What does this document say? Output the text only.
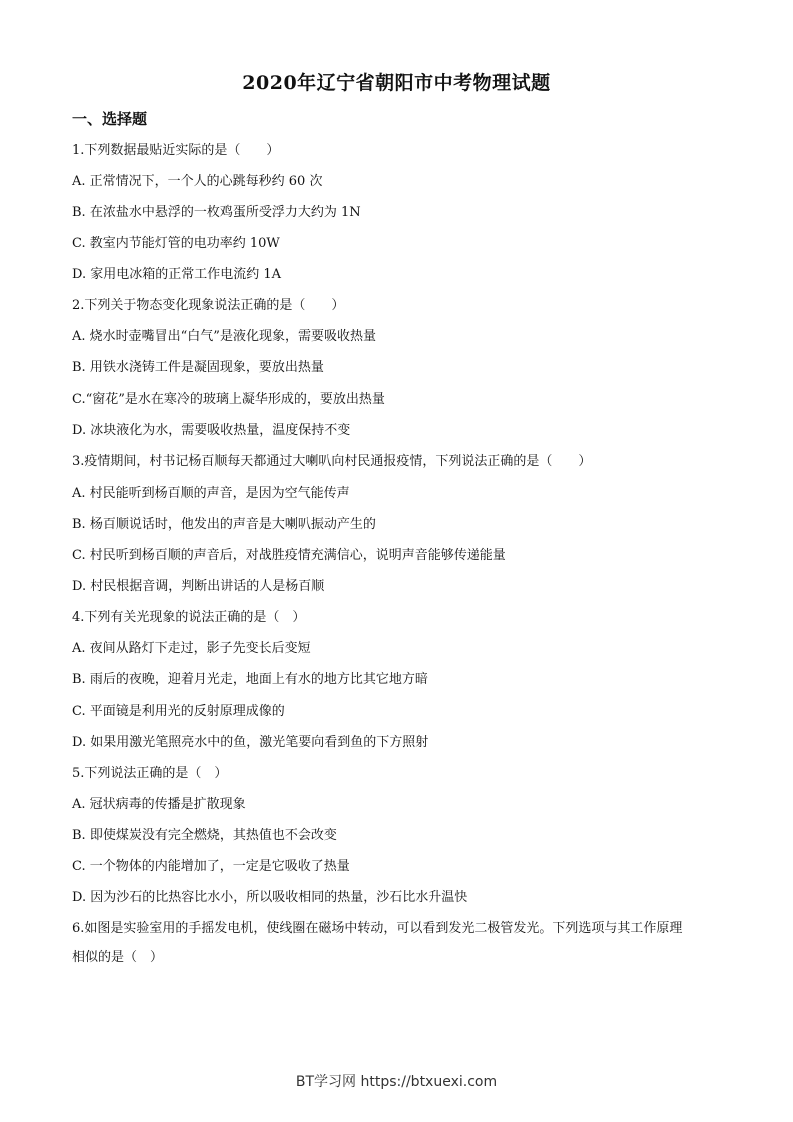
2020年辽宁省朝阳市中考物理试题
一、选择题
1.下列数据最贴近实际的是（　　）
A. 正常情况下，一个人的心跳每秒约 60 次
B. 在浓盐水中悬浮的一枚鸡蛋所受浮力大约为 1N
C. 教室内节能灯管的电功率约 10W
D. 家用电冰箱的正常工作电流约 1A
2.下列关于物态变化现象说法正确的是（　　）
A. 烧水时壶嘴冒出“白气”是液化现象，需要吸收热量
B. 用铁水浇铸工件是凝固现象，要放出热量
C.“窗花”是水在寒冷的玻璃上凝华形成的，要放出热量
D. 冰块液化为水，需要吸收热量，温度保持不变
3.疫情期间，村书记杨百顺每天都通过大喇叭向村民通报疫情，下列说法正确的是（　　）
A. 村民能听到杨百顺的声音，是因为空气能传声
B. 杨百顺说话时，他发出的声音是大喇叭振动产生的
C. 村民听到杨百顺的声音后，对战胜疫情充满信心，说明声音能够传递能量
D. 村民根据音调，判断出讲话的人是杨百顺
4.下列有关光现象的说法正确的是（　）
A. 夜间从路灯下走过，影子先变长后变短
B. 雨后的夜晚，迎着月光走，地面上有水的地方比其它地方暗
C. 平面镜是利用光的反射原理成像的
D. 如果用激光笔照亮水中的鱼，激光笔要向看到鱼的下方照射
5.下列说法正确的是（　）
A. 冠状病毒的传播是扩散现象
B. 即使煤炭没有完全燃烧，其热值也不会改变
C. 一个物体的内能增加了，一定是它吸收了热量
D. 因为沙石的比热容比水小，所以吸收相同的热量，沙石比水升温快
6.如图是实验室用的手摇发电机，使线圈在磁场中转动，可以看到发光二极管发光。下列选项与其工作原理
相似的是（　）
BT学习网 https://btxuexi.com
